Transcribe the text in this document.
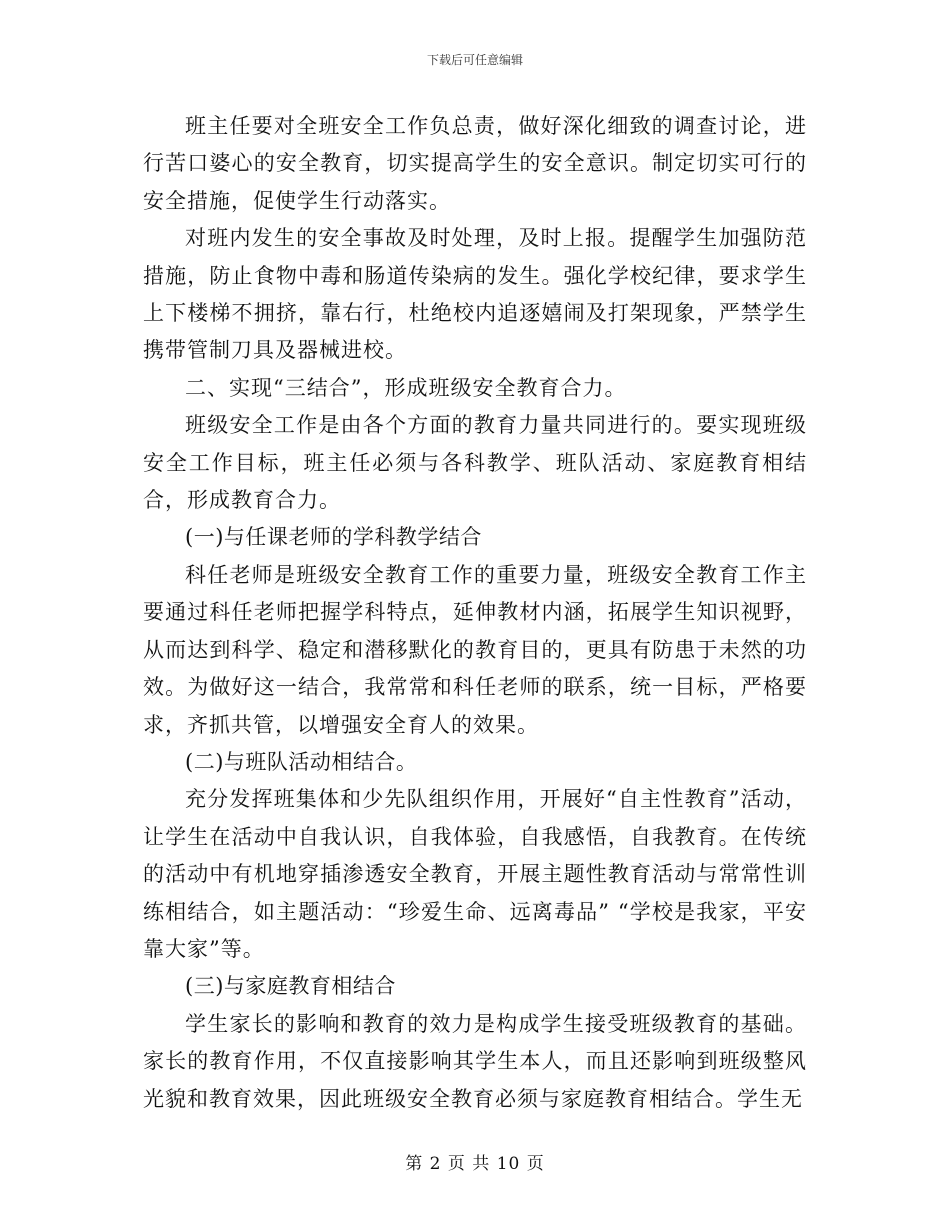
下载后可任意编辑

班主任要对全班安全工作负总责，做好深化细致的调查讨论，进行苦口婆心的安全教育，切实提高学生的安全意识。制定切实可行的安全措施，促使学生行动落实。

对班内发生的安全事故及时处理，及时上报。提醒学生加强防范措施，防止食物中毒和肠道传染病的发生。强化学校纪律，要求学生上下楼梯不拥挤，靠右行，杜绝校内追逐嬉闹及打架现象，严禁学生携带管制刀具及器械进校。

二、实现“三结合”，形成班级安全教育合力。

班级安全工作是由各个方面的教育力量共同进行的。要实现班级安全工作目标，班主任必须与各科教学、班队活动、家庭教育相结合，形成教育合力。

(一)与任课老师的学科教学结合

科任老师是班级安全教育工作的重要力量，班级安全教育工作主要通过科任老师把握学科特点，延伸教材内涵，拓展学生知识视野，从而达到科学、稳定和潜移默化的教育目的，更具有防患于未然的功效。为做好这一结合，我常常和科任老师的联系，统一目标，严格要求，齐抓共管，以增强安全育人的效果。

(二)与班队活动相结合。

充分发挥班集体和少先队组织作用，开展好“自主性教育”活动，让学生在活动中自我认识，自我体验，自我感悟，自我教育。在传统的活动中有机地穿插渗透安全教育，开展主题性教育活动与常常性训练相结合，如主题活动：“珍爱生命、远离毒品” “学校是我家，平安靠大家”等。

(三)与家庭教育相结合

学生家长的影响和教育的效力是构成学生接受班级教育的基础。家长的教育作用，不仅直接影响其学生本人，而且还影响到班级整风光貌和教育效果，因此班级安全教育必须与家庭教育相结合。学生无

第 2 页 共 10 页
